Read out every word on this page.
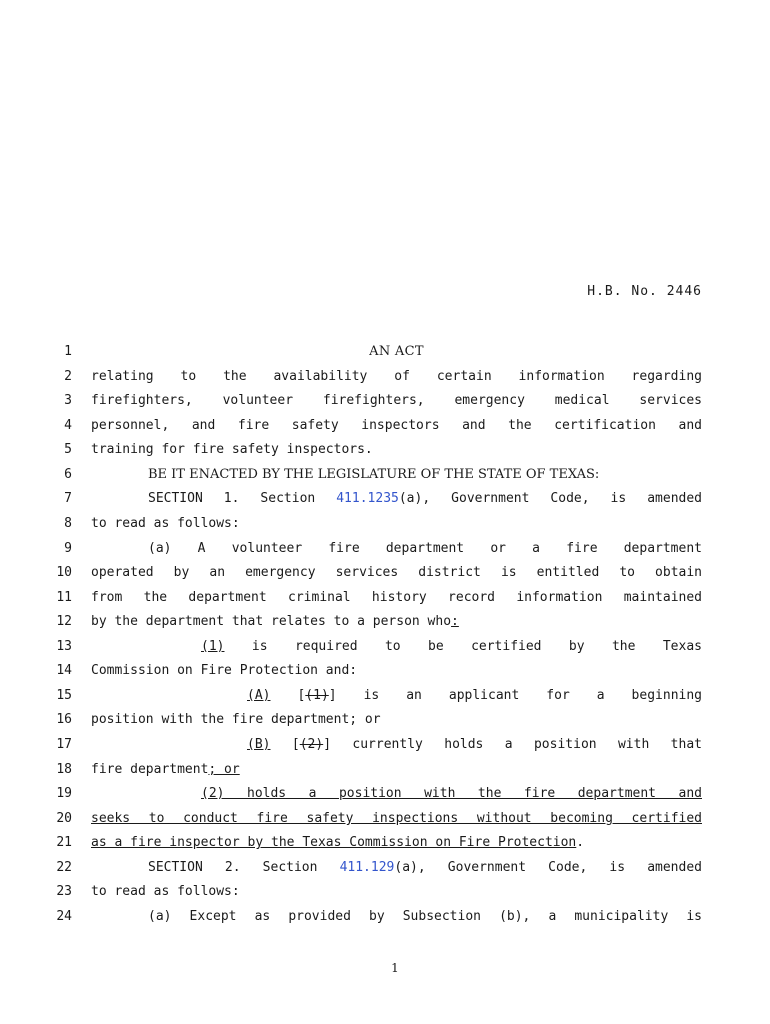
H.B. No. 2446
1
2
3
4
5
6
7
8
9
10
11
12
13
14
15
16
17
18
19
20
21
22
23
24
AN ACT
relating to the availability of certain information regarding
firefighters, volunteer firefighters, emergency medical services
personnel, and fire safety inspectors and the certification and
training for fire safety inspectors.
BE IT ENACTED BY THE LEGISLATURE OF THE STATE OF TEXAS:
SECTION 1. Section 411.1235(a), Government Code, is amended
to read as follows:
(a) A volunteer fire department or a fire department
operated by an emergency services district is entitled to obtain
from the department criminal history record information maintained
by the department that relates to a person who:
(1) is required to be certified by the Texas
Commission on Fire Protection and:
(A) [(1)] is an applicant for a beginning
position with the fire department; or
(B) [(2)] currently holds a position with that
fire department; or
(2) holds a position with the fire department and
seeks to conduct fire safety inspections without becoming certified
as a fire inspector by the Texas Commission on Fire Protection.
SECTION 2. Section 411.129(a), Government Code, is amended
to read as follows:
(a) Except as provided by Subsection (b), a municipality is
1
